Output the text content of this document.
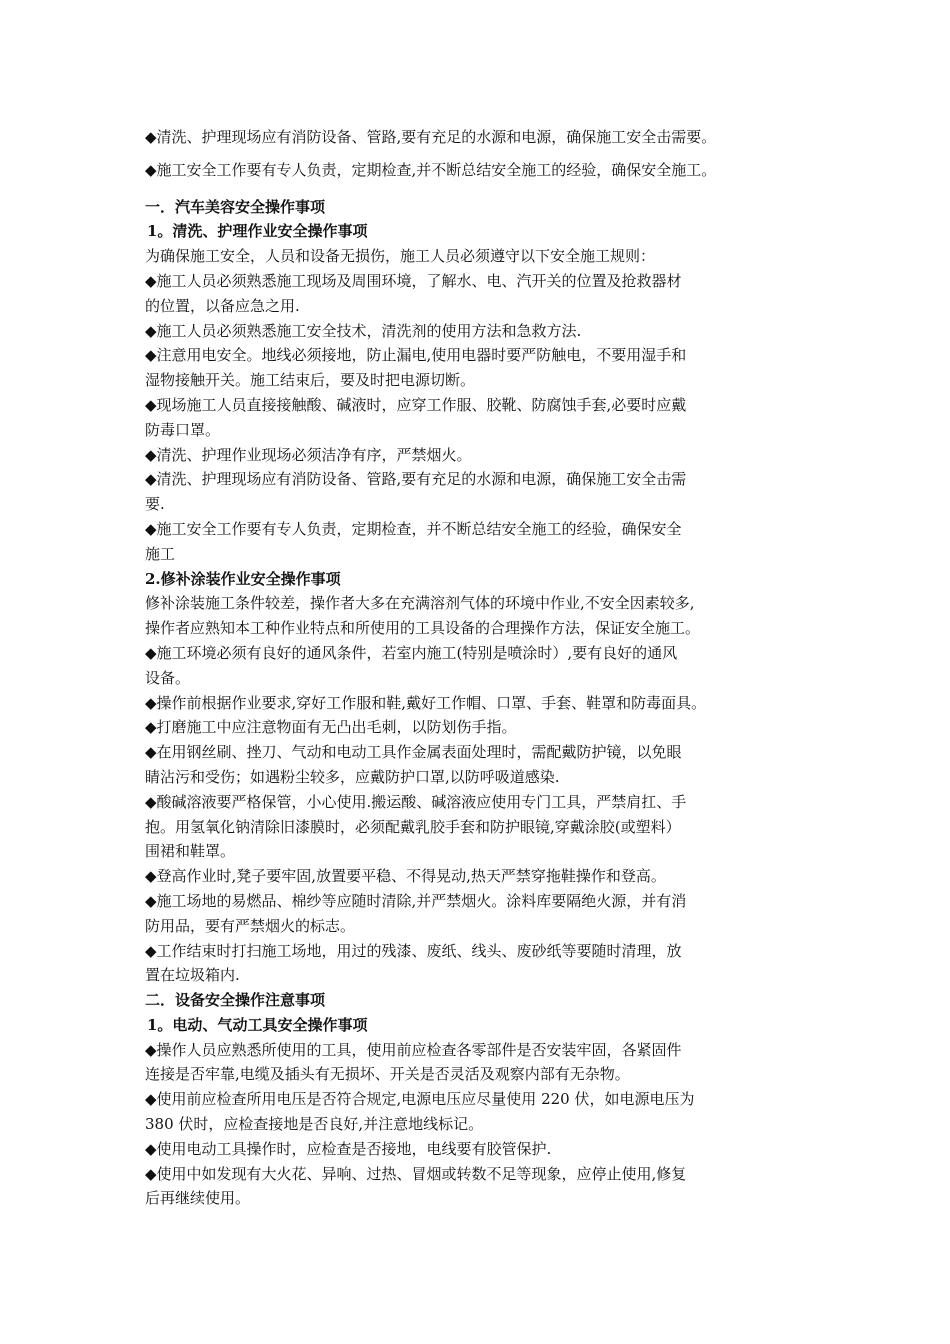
◆清洗、护理现场应有消防设备、管路,要有充足的水源和电源，确保施工安全击需要。

◆施工安全工作要有专人负责，定期检查,并不断总结安全施工的经验，确保安全施工。

一．汽车美容安全操作事项

1。清洗、护理作业安全操作事项

为确保施工安全，人员和设备无损伤，施工人员必须遵守以下安全施工规则：

◆施工人员必须熟悉施工现场及周围环境，了解水、电、汽开关的位置及抢救器材

的位置，以备应急之用.

◆施工人员必须熟悉施工安全技术，清洗剂的使用方法和急救方法.

◆注意用电安全。地线必须接地，防止漏电,使用电器时要严防触电，不要用湿手和

湿物接触开关。施工结束后，要及时把电源切断。

◆现场施工人员直接接触酸、碱液时，应穿工作服、胶靴、防腐蚀手套,必要时应戴

防毒口罩。

◆清洗、护理作业现场必须洁净有序，严禁烟火。

◆清洗、护理现场应有消防设备、管路,要有充足的水源和电源，确保施工安全击需

要.

◆施工安全工作要有专人负责，定期检查，并不断总结安全施工的经验，确保安全

施工

2.修补涂装作业安全操作事项

修补涂装施工条件较差，操作者大多在充满溶剂气体的环境中作业,不安全因素较多,

操作者应熟知本工种作业特点和所使用的工具设备的合理操作方法，保证安全施工。

◆施工环境必须有良好的通风条件，若室内施工(特别是喷涂时）,要有良好的通风

设备。

◆操作前根据作业要求,穿好工作服和鞋,戴好工作帽、口罩、手套、鞋罩和防毒面具。

◆打磨施工中应注意物面有无凸出毛刺，以防划伤手指。

◆在用钢丝刷、挫刀、气动和电动工具作金属表面处理时，需配戴防护镜，以免眼

睛沾污和受伤；如遇粉尘较多，应戴防护口罩,以防呼吸道感染.

◆酸碱溶液要严格保管，小心使用.搬运酸、碱溶液应使用专门工具，严禁肩扛、手

抱。用氢氧化钠清除旧漆膜时，必须配戴乳胶手套和防护眼镜,穿戴涂胶(或塑料）

围裙和鞋罩。

◆登高作业时,凳子要牢固,放置要平稳、不得晃动,热天严禁穿拖鞋操作和登高。

◆施工场地的易燃品、棉纱等应随时清除,并严禁烟火。涂料库要隔绝火源，并有消

防用品，要有严禁烟火的标志。

◆工作结束时打扫施工场地，用过的残漆、废纸、线头、废砂纸等要随时清理，放

置在垃圾箱内.

二．设备安全操作注意事项

1。电动、气动工具安全操作事项

◆操作人员应熟悉所使用的工具，使用前应检查各零部件是否安装牢固，各紧固件

连接是否牢靠,电缆及插头有无损坏、开关是否灵活及观察内部有无杂物。

◆使用前应检查所用电压是否符合规定,电源电压应尽量使用 220 伏，如电源电压为

380 伏时，应检查接地是否良好,并注意地线标记。

◆使用电动工具操作时，应检查是否接地，电线要有胶管保护.

◆使用中如发现有大火花、异响、过热、冒烟或转数不足等现象，应停止使用,修复

后再继续使用。
